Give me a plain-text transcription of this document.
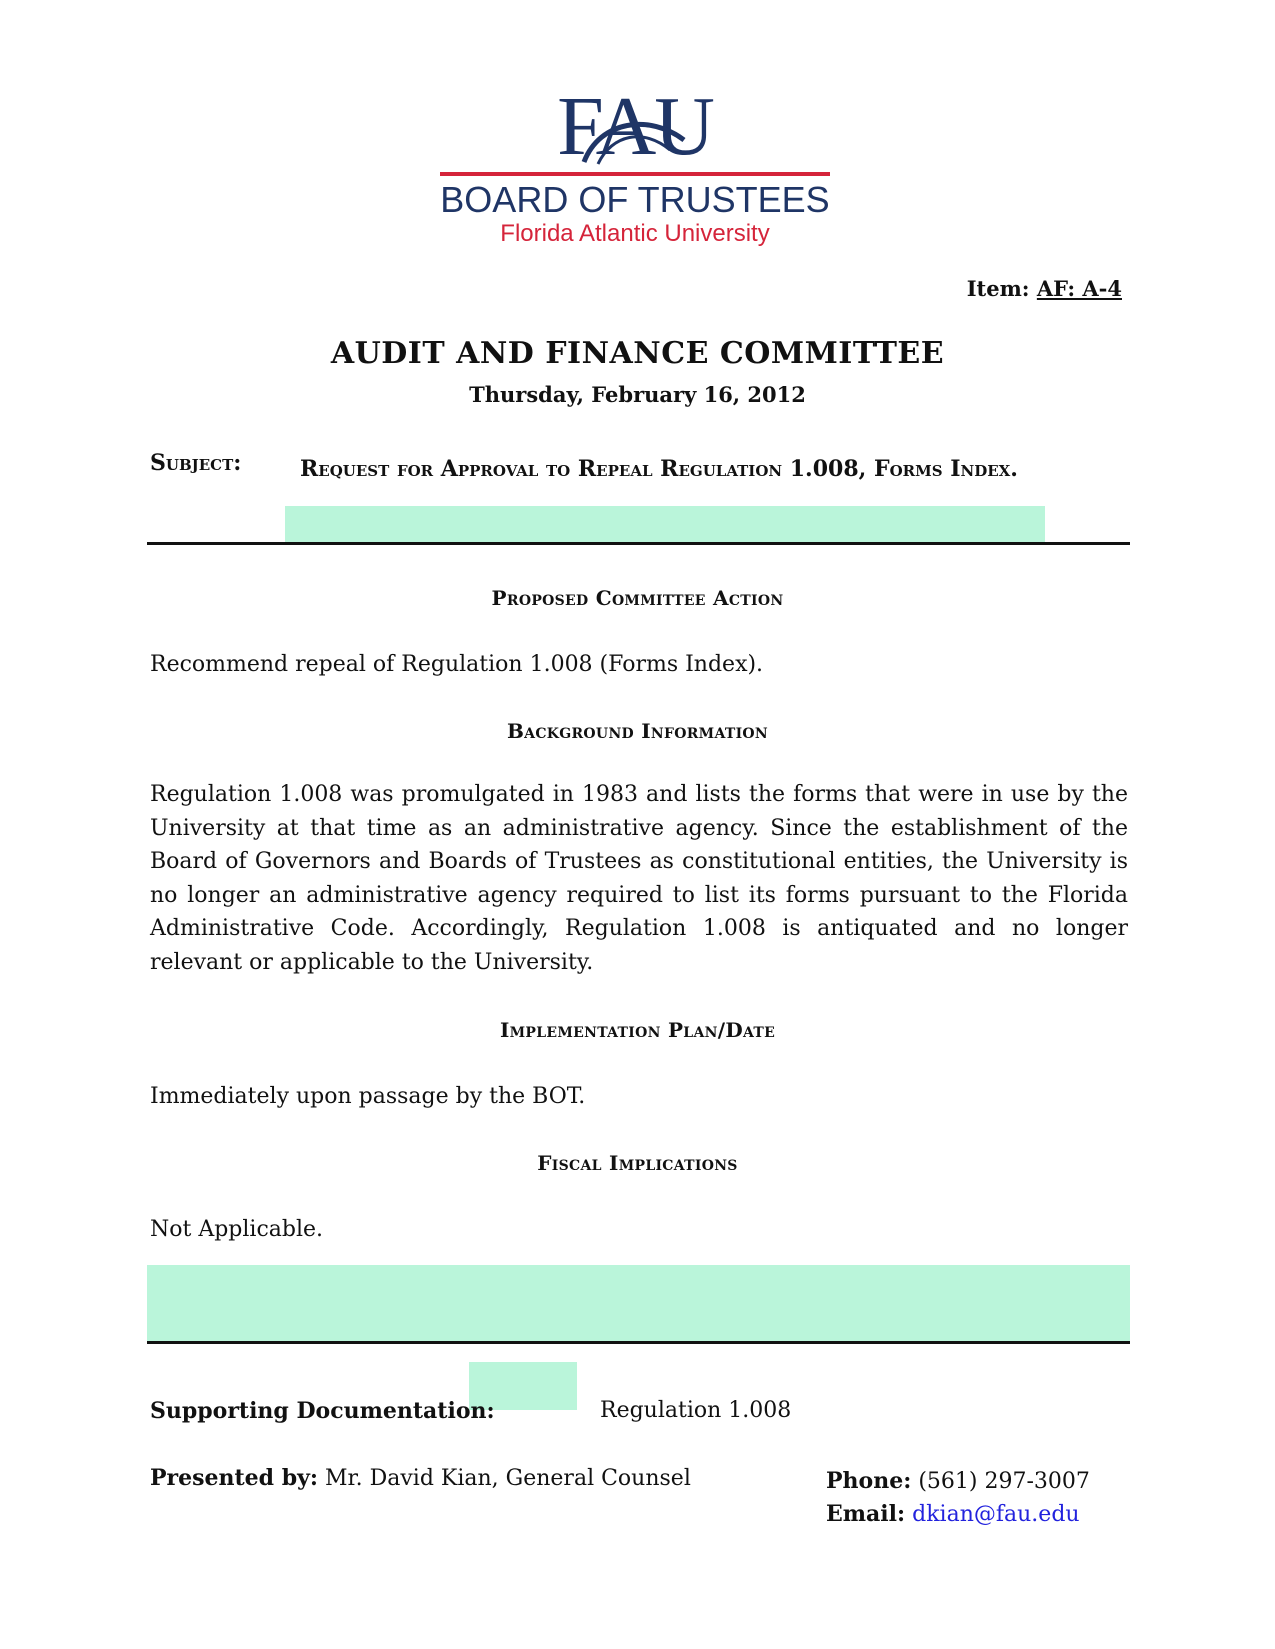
FAU
BOARD OF TRUSTEES
Florida Atlantic University
Item: AF: A-4
AUDIT AND FINANCE COMMITTEE
Thursday, February 16, 2012
Subject:	Request for Approval to Repeal Regulation 1.008, Forms Index.
Proposed Committee Action
Recommend repeal of Regulation 1.008 (Forms Index).
Background Information
Regulation 1.008 was promulgated in 1983 and lists the forms that were in use by the University at that time as an administrative agency. Since the establishment of the Board of Governors and Boards of Trustees as constitutional entities, the University is no longer an administrative agency required to list its forms pursuant to the Florida Administrative Code. Accordingly, Regulation 1.008 is antiquated and no longer relevant or applicable to the University.
Implementation Plan/Date
Immediately upon passage by the BOT.
Fiscal Implications
Not Applicable.
Supporting Documentation:	Regulation 1.008
Presented by: Mr. David Kian, General Counsel	Phone: (561) 297-3007
Email: dkian@fau.edu
